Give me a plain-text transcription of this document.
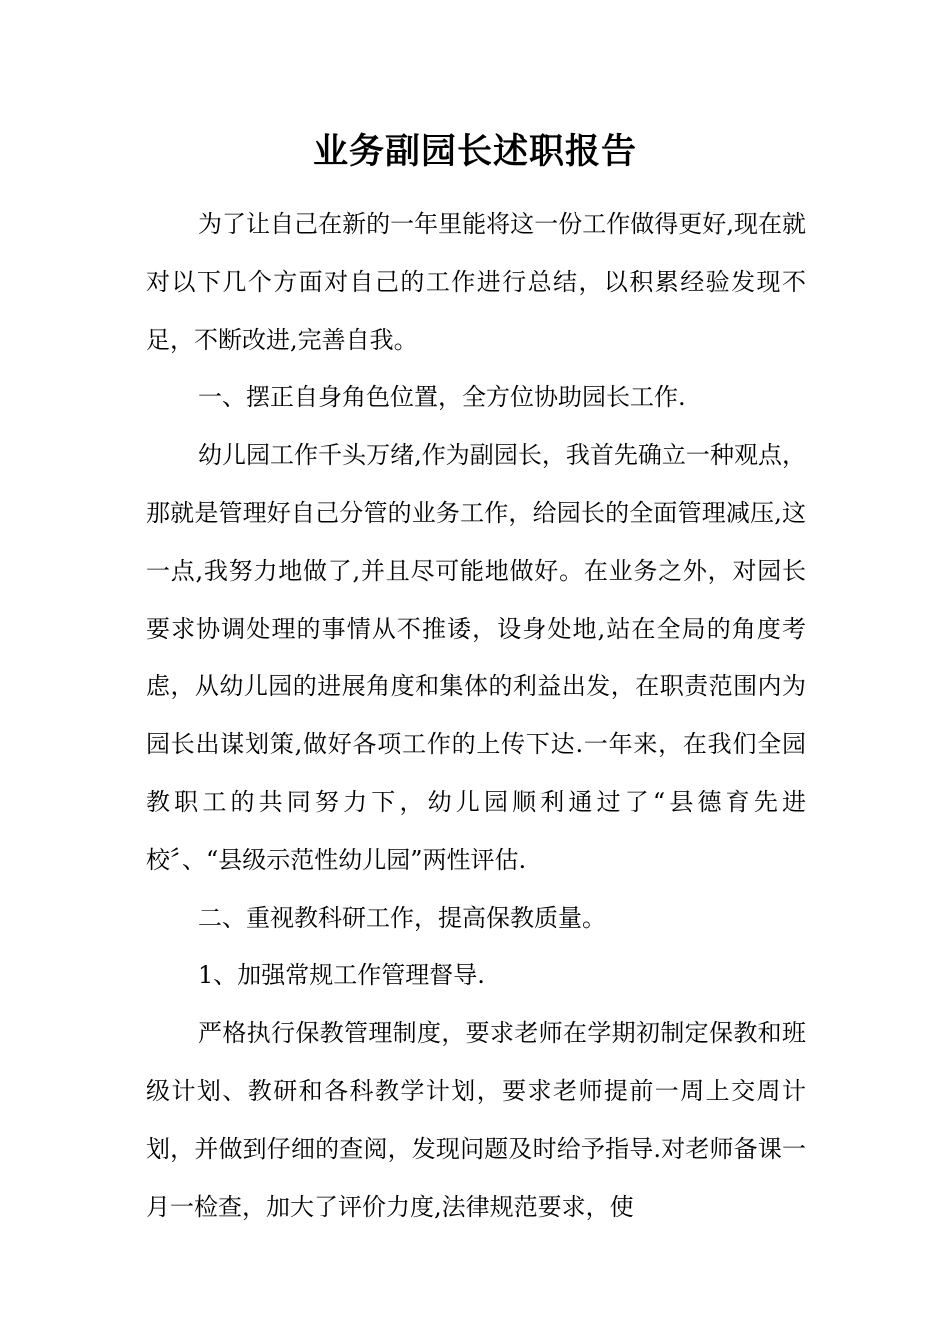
业务副园长述职报告

为了让自己在新的一年里能将这一份工作做得更好,现在就对以下几个方面对自己的工作进行总结，以积累经验发现不足，不断改进,完善自我。

一、摆正自身角色位置，全方位协助园长工作.

幼儿园工作千头万绪,作为副园长，我首先确立一种观点，那就是管理好自己分管的业务工作，给园长的全面管理减压,这一点,我努力地做了,并且尽可能地做好。在业务之外，对园长要求协调处理的事情从不推诿，设身处地,站在全局的角度考虑，从幼儿园的进展角度和集体的利益出发，在职责范围内为园长出谋划策,做好各项工作的上传下达.一年来，在我们全园教职工的共同努力下，幼儿园顺利通过了“县德育先进校〞、“县级示范性幼儿园”两性评估.

二、重视教科研工作，提高保教质量。

1、加强常规工作管理督导.

严格执行保教管理制度，要求老师在学期初制定保教和班级计划、教研和各科教学计划，要求老师提前一周上交周计划，并做到仔细的查阅，发现问题及时给予指导.对老师备课一月一检查，加大了评价力度,法律规范要求，使
